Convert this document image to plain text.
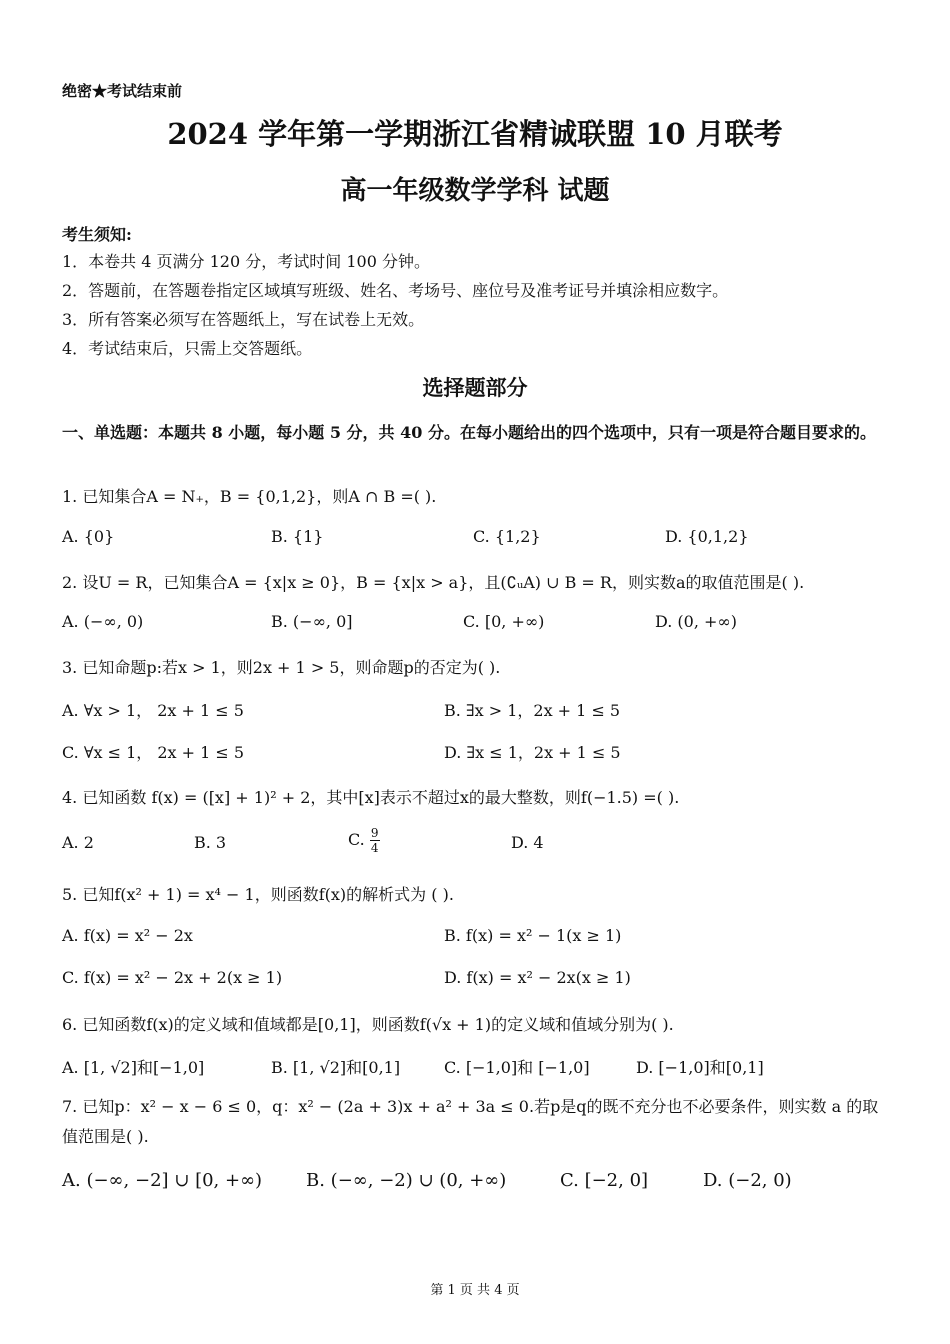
绝密★考试结束前
2024 学年第一学期浙江省精诚联盟 10 月联考
高一年级数学学科 试题
考生须知:
1．本卷共 4 页满分 120 分，考试时间 100 分钟。
2．答题前，在答题卷指定区域填写班级、姓名、考场号、座位号及准考证号并填涂相应数字。
3．所有答案必须写在答题纸上，写在试卷上无效。
4．考试结束后，只需上交答题纸。
选择题部分
一、单选题：本题共 8 小题，每小题 5 分，共 40 分。在每小题给出的四个选项中，只有一项是符合题目要求的。
1. 已知集合A = N₊，B = {0,1,2}，则A ∩ B =( ).
A. {0}	B. {1}	C. {1,2}	D. {0,1,2}
2. 设U = R，已知集合A = {x|x ≥ 0}，B = {x|x > a}，且(∁ᵤA) ∪ B = R，则实数a的取值范围是( ).
A. (−∞, 0)	B. (−∞, 0]	C. [0, +∞)	D. (0, +∞)
3. 已知命题p:若x > 1，则2x + 1 > 5，则命题p的否定为( ).
A. ∀x > 1， 2x + 1 ≤ 5	B. ∃x > 1，2x + 1 ≤ 5
C. ∀x ≤ 1， 2x + 1 ≤ 5	D. ∃x ≤ 1，2x + 1 ≤ 5
4. 已知函数 f(x) = ([x] + 1)² + 2，其中[x]表示不超过x的最大整数，则f(−1.5) =( ).
A. 2	B. 3	C. $\frac{9}{4}$	D. 4
5. 已知f(x² + 1) = x⁴ − 1，则函数f(x)的解析式为 ( ).
A. f(x) = x² − 2x	B. f(x) = x² − 1(x ≥ 1)
C. f(x) = x² − 2x + 2(x ≥ 1)	D. f(x) = x² − 2x(x ≥ 1)
6. 已知函数f(x)的定义域和值域都是[0,1]，则函数f(√x + 1)的定义域和值域分别为( ).
A. [1, √2]和[−1,0]	B. [1, √2]和[0,1]	C. [−1,0]和 [−1,0]	D. [−1,0]和[0,1]
7. 已知p：x² − x − 6 ≤ 0，q：x² − (2a + 3)x + a² + 3a ≤ 0.若p是q的既不充分也不必要条件，则实数 a 的取值范围是( ).
A. (−∞, −2] ∪ [0, +∞) B. (−∞, −2) ∪ (0, +∞)	C. [−2, 0]	D. (−2, 0)
第 1 页 共 4 页
